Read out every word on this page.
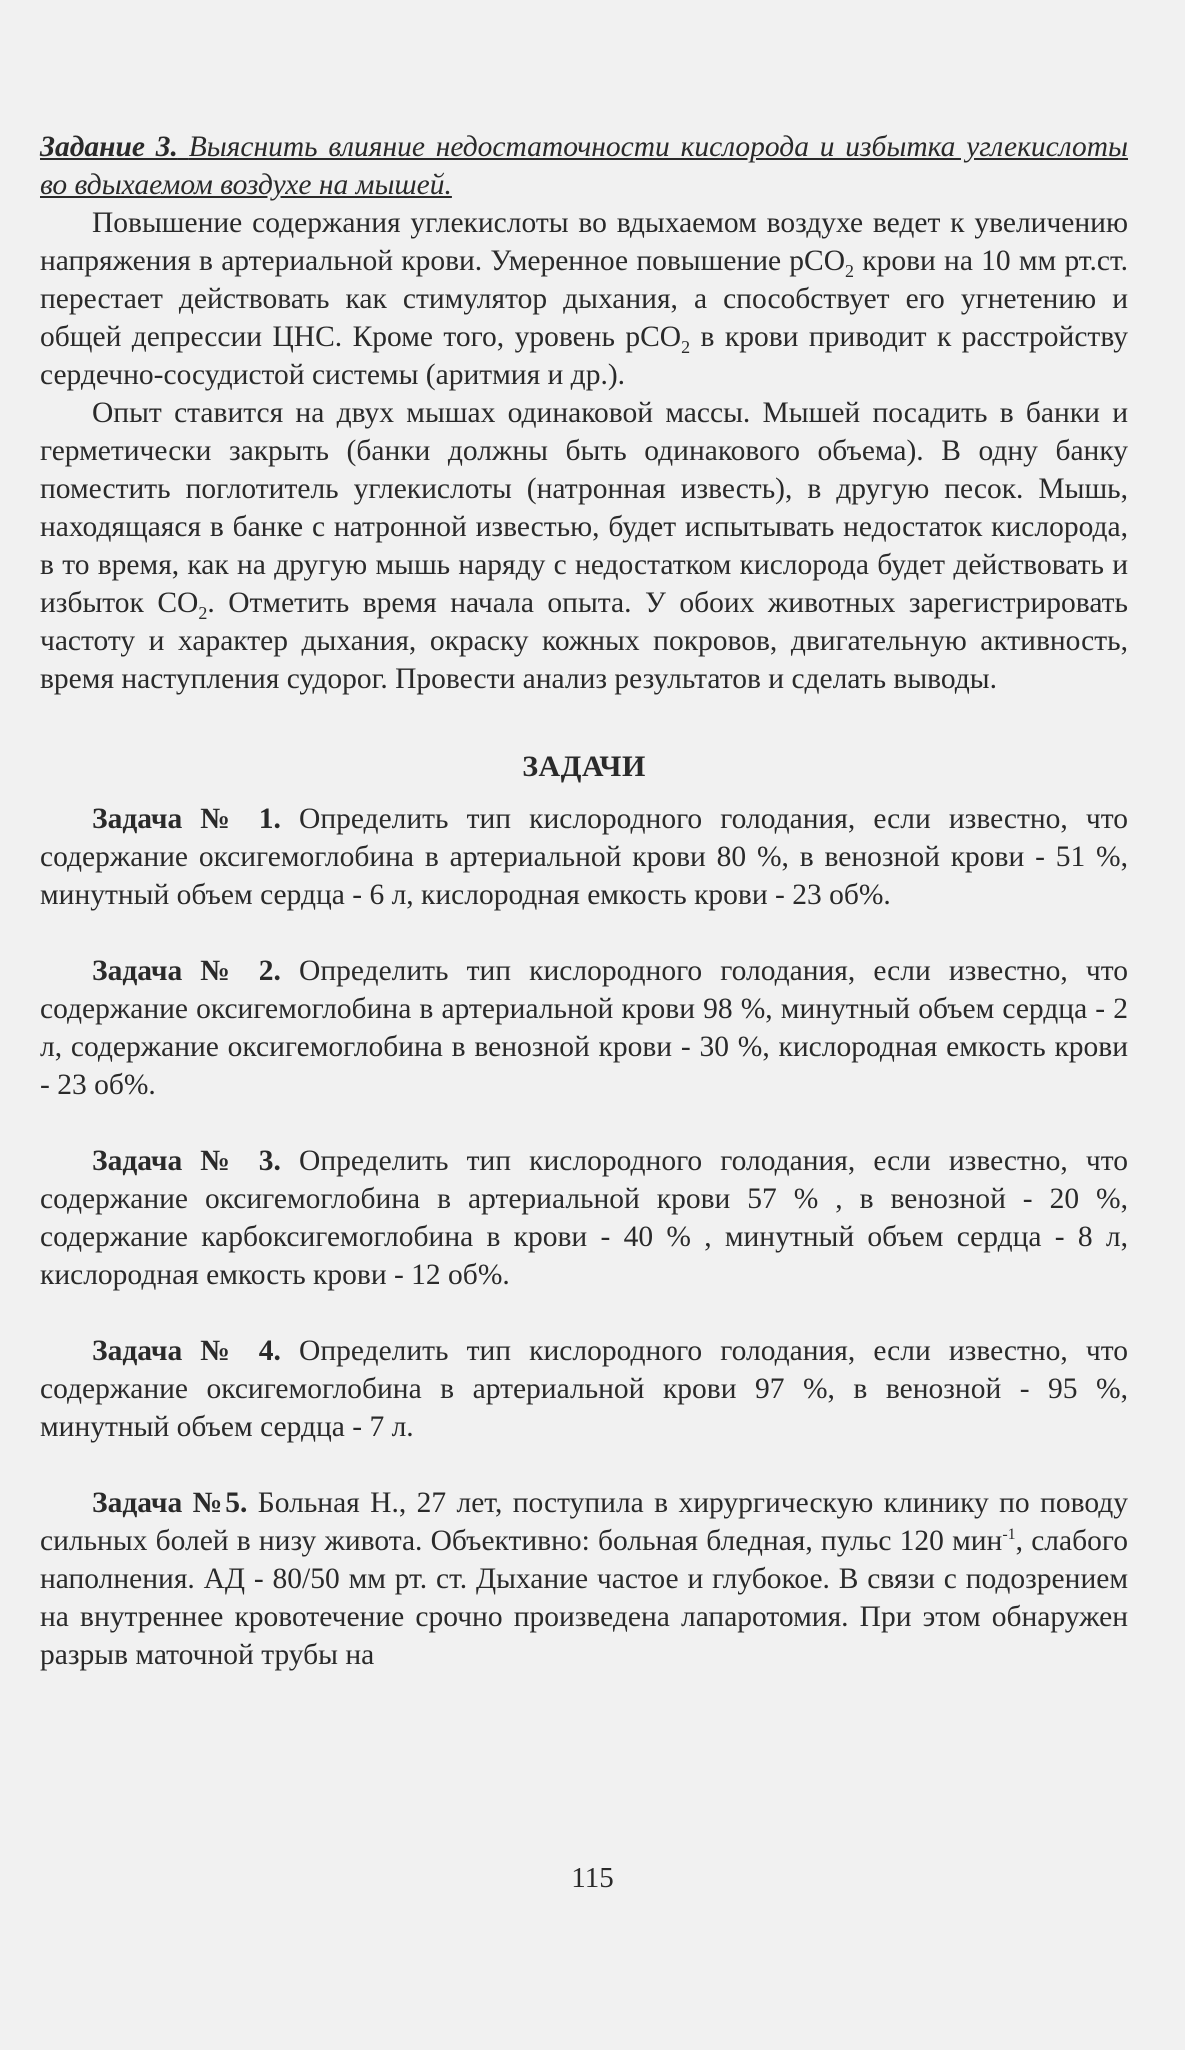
Задание 3. Выяснить влияние недостаточности кислорода и избытка углекислоты во вдыхаемом воздухе на мышей.

Повышение содержания углекислоты во вдыхаемом воздухе ведет к увеличению напряжения в артериальной крови. Умеренное повышение pCO$_2$ крови на 10 мм рт.ст. перестает действовать как стимулятор дыхания, а способствует его угнетению и общей депрессии ЦНС. Кроме того, уровень pCO$_2$ в крови приводит к расстройству сердечно-сосудистой системы (аритмия и др.).

Опыт ставится на двух мышах одинаковой массы. Мышей посадить в банки и герметически закрыть (банки должны быть одинакового объема). В одну банку поместить поглотитель углекислоты (натронная известь), в другую песок. Мышь, находящаяся в банке с натронной известью, будет испытывать недостаток кислорода, в то время, как на другую мышь наряду с недостатком кислорода будет действовать и избыток $CO_2$. Отметить время начала опыта. У обоих животных зарегистрировать частоту и характер дыхания, окраску кожных покровов, двигательную активность, время наступления судорог. Провести анализ результатов и сделать выводы.

ЗАДАЧИ

Задача № 1. Определить тип кислородного голодания, если известно, что содержание оксигемоглобина в артериальной крови 80 %, в венозной крови - 51 %, минутный объем сердца - 6 л, кислородная емкость крови - 23 об%.

Задача № 2. Определить тип кислородного голодания, если известно, что содержание оксигемоглобина в артериальной крови 98 %, минутный объем сердца - 2 л, содержание оксигемоглобина в венозной крови - 30 %, кислородная емкость крови - 23 об%.

Задача № 3. Определить тип кислородного голодания, если известно, что содержание оксигемоглобина в артериальной крови 57 % , в венозной - 20 %, содержание карбоксигемоглобина в крови - 40 % , минутный объем сердца - 8 л, кислородная емкость крови - 12 об%.

Задача № 4. Определить тип кислородного голодания, если известно, что содержание оксигемоглобина в артериальной крови 97 %, в венозной - 95 %, минутный объем сердца - 7 л.

Задача №5. Больная Н., 27 лет, поступила в хирургическую клинику по поводу сильных болей в низу живота. Объективно: больная бледная, пульс 120 мин$^{-1}$, слабого наполнения. АД - 80/50 мм рт. ст. Дыхание частое и глубокое. В связи с подозрением на внутреннее кровотечение срочно произведена лапаротомия. При этом обнаружен разрыв маточной трубы на

115
